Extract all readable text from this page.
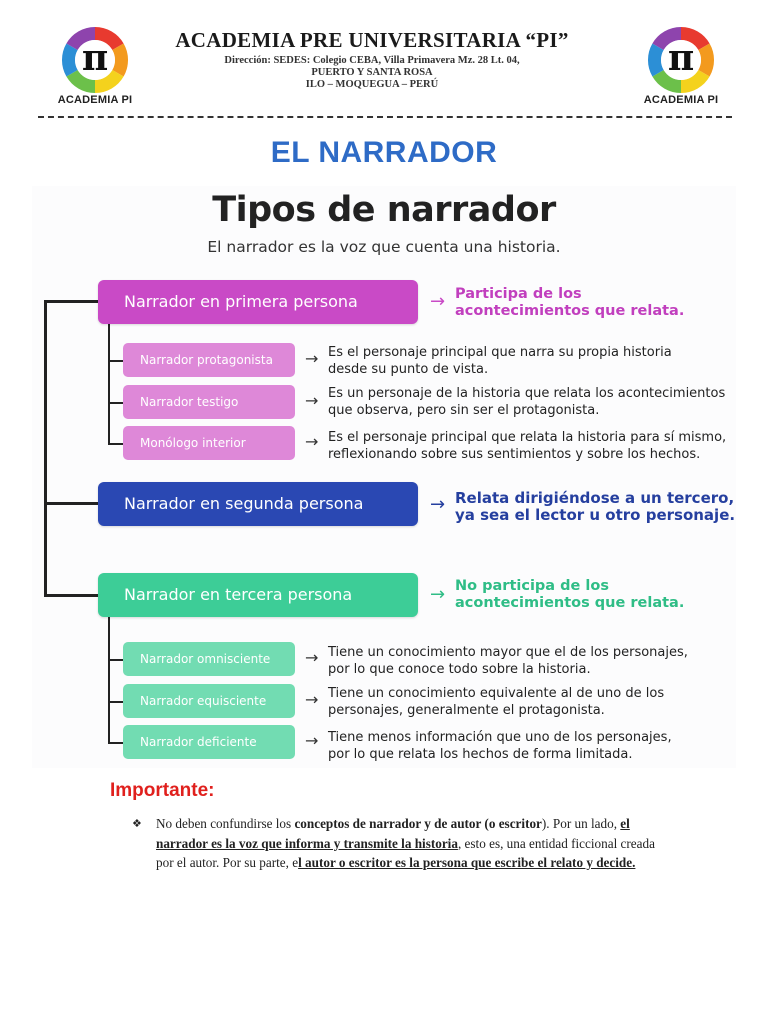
π
ACADEMIA PI
π
ACADEMIA PI
ACADEMIA PRE UNIVERSITARIA “PI”
Dirección: SEDES: Colegio CEBA, Villa Primavera Mz. 28 Lt. 04,
PUERTO Y SANTA ROSA
ILO – MOQUEGUA – PERÚ
EL NARRADOR
Tipos de narrador
El narrador es la voz que cuenta una historia.
Narrador en primera persona	→ Participa de los
acontecimientos que relata.
Narrador protagonista	→ Es el personaje principal que narra su propia historia
desde su punto de vista.
Narrador testigo	→ Es un personaje de la historia que relata los acontecimientos
que observa, pero sin ser el protagonista.
Monólogo interior	→ Es el personaje principal que relata la historia para sí mismo,
reflexionando sobre sus sentimientos y sobre los hechos.
Narrador en segunda persona	→ Relata dirigiéndose a un tercero,
ya sea el lector u otro personaje.
Narrador en tercera persona	→ No participa de los
acontecimientos que relata.
Narrador omnisciente	→ Tiene un conocimiento mayor que el de los personajes,
por lo que conoce todo sobre la historia.
Narrador equisciente	→ Tiene un conocimiento equivalente al de uno de los
personajes, generalmente el protagonista.
Narrador deficiente	→ Tiene menos información que uno de los personajes,
por lo que relata los hechos de forma limitada.
Importante:
❖ No deben confundirse los conceptos de narrador y de autor (o escritor). Por un lado, el narrador es la voz que informa y transmite la historia, esto es, una entidad ficcional creada por el autor. Por su parte, el autor o escritor es la persona que escribe el relato y decide.
